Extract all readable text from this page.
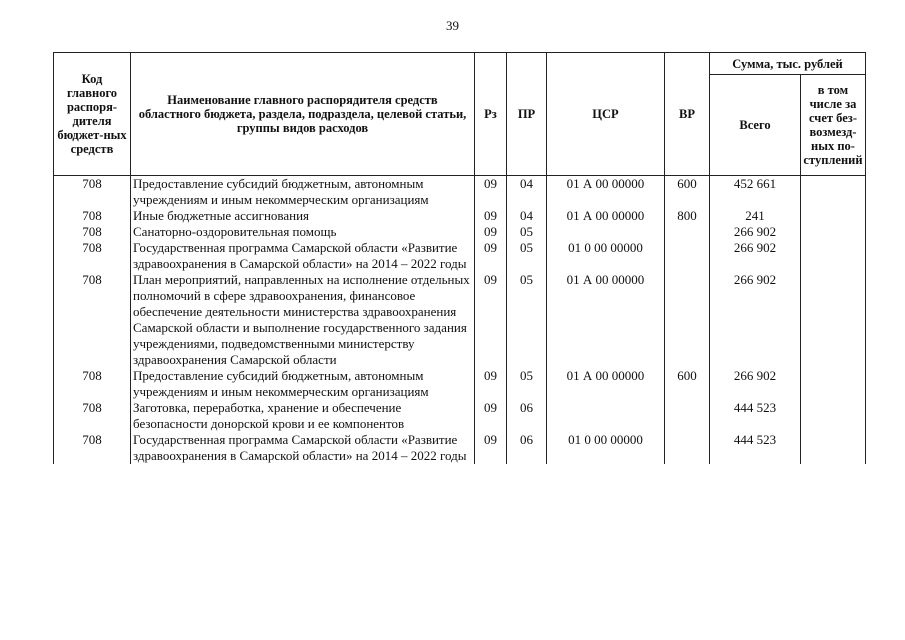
39
Код главного распоря-дителя бюджет-ных средств	Наименование главного распорядителя средств областного бюджета, раздела, подраздела, целевой статьи, группы видов расходов	Рз	ПР	ЦСР	ВР	Сумма, тыс. рублей	
						Всего	в том числе за счет без-возмезд-ных по-ступлений
708	Предоставление субсидий бюджетным, автономным учреждениям и иным некоммерческим организациям	09	04	01 А 00 00000	600	452 661	
708	Иные бюджетные ассигнования	09	04	01 А 00 00000	800	241	
708	Санаторно-оздоровительная помощь	09	05			266 902	
708	Государственная программа Самарской области «Развитие здравоохранения в Самарской области» на 2014 – 2022 годы	09	05	01 0 00 00000		266 902	
708	План мероприятий, направленных на исполнение отдельных полномочий в сфере здравоохранения, финансовое обеспечение деятельности министерства здравоохранения Самарской области и выполнение государственного задания учреждениями, подведомственными министерству здравоохранения Самарской области	09	05	01 А 00 00000		266 902	
708	Предоставление субсидий бюджетным, автономным учреждениям и иным некоммерческим организациям	09	05	01 А 00 00000	600	266 902	
708	Заготовка, переработка, хранение и обеспечение безопасности донорской крови и ее компонентов	09	06			444 523	
708	Государственная программа Самарской области «Развитие здравоохранения в Самарской области» на 2014 – 2022 годы	09	06	01 0 00 00000		444 523	
